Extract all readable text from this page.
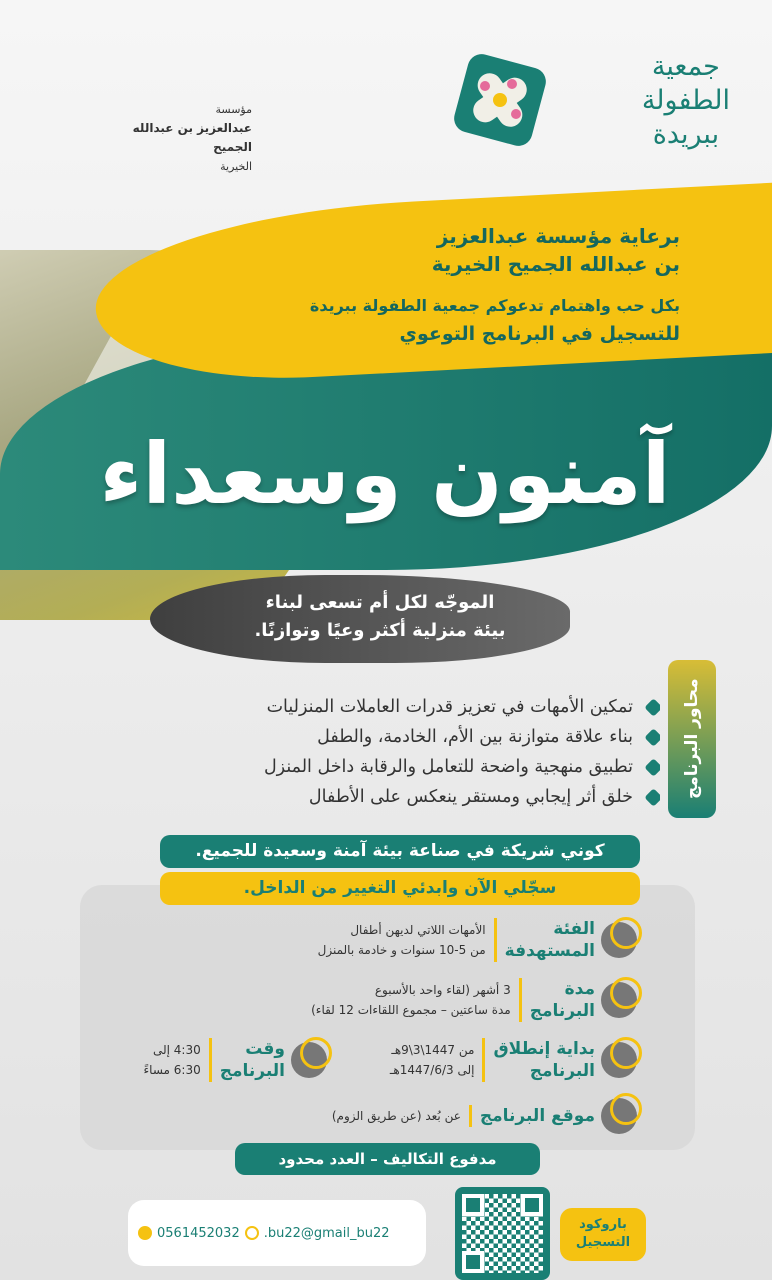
جمعية
الطفولة
ببريدة
مؤسسة
عبدالعزيز بن عبدالله الجميح
الخيرية
برعاية مؤسسة عبدالعزيز
بن عبدالله الجميح الخيرية
بكل حب واهتمام تدعوكم جمعية الطفولة ببريدة
للتسجيل في البرنامج التوعوي
آمنون وسعداء
الموجّه لكل أم تسعى لبناء
بيئة منزلية أكثر وعيًا وتوازنًا.
محاور البرنامج
تمكين الأمهات في تعزيز قدرات العاملات المنزليات
بناء علاقة متوازنة بين الأم، الخادمة، والطفل
تطبيق منهجية واضحة للتعامل والرقابة داخل المنزل
خلق أثر إيجابي ومستقر ينعكس على الأطفال
كوني شريكة في صناعة بيئة آمنة وسعيدة للجميع.
سجّلي الآن وابدئي التغيير من الداخل.
الفئة
المستهدفة
الأمهات اللاتي لديهن أطفال
من 5-10 سنوات و خادمة بالمنزل
مدة
البرنامج
3 أشهر (لقاء واحد بالأسبوع
مدة ساعتين – مجموع اللقاءات 12 لقاء)
بداية إنطلاق
البرنامج
من 1447\3\9هـ
إلى 1447/6/3هـ
وقت
البرنامج
4:30 إلى
6:30 مساءً
موقع البرنامج
عن بُعد (عن طريق الزوم)
مدفوع التكاليف – العدد محدود
0561452032 .bu22@gmail_bu22
باروكود
التسجيل
